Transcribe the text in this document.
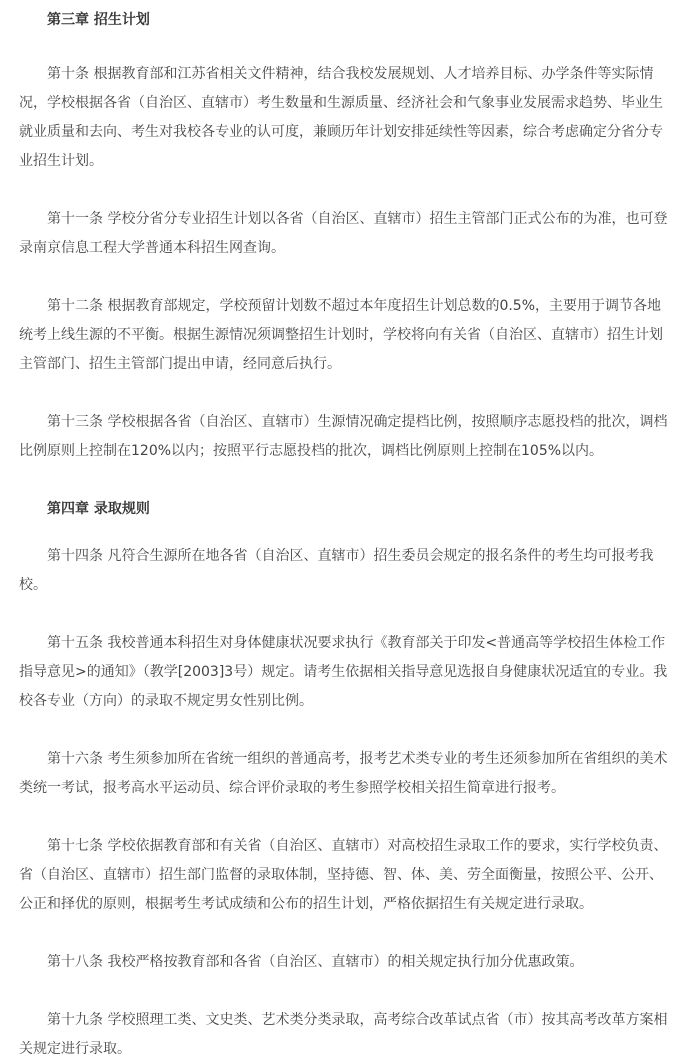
第三章 招生计划

第十条 根据教育部和江苏省相关文件精神，结合我校发展规划、人才培养目标、办学条件等实际情况，学校根据各省（自治区、直辖市）考生数量和生源质量、经济社会和气象事业发展需求趋势、毕业生就业质量和去向、考生对我校各专业的认可度，兼顾历年计划安排延续性等因素，综合考虑确定分省分专业招生计划。

第十一条 学校分省分专业招生计划以各省（自治区、直辖市）招生主管部门正式公布的为准，也可登录南京信息工程大学普通本科招生网查询。

第十二条 根据教育部规定，学校预留计划数不超过本年度招生计划总数的0.5%，主要用于调节各地统考上线生源的不平衡。根据生源情况须调整招生计划时，学校将向有关省（自治区、直辖市）招生计划主管部门、招生主管部门提出申请，经同意后执行。

第十三条 学校根据各省（自治区、直辖市）生源情况确定提档比例，按照顺序志愿投档的批次，调档比例原则上控制在120%以内；按照平行志愿投档的批次，调档比例原则上控制在105%以内。

第四章 录取规则

第十四条 凡符合生源所在地各省（自治区、直辖市）招生委员会规定的报名条件的考生均可报考我校。

第十五条 我校普通本科招生对身体健康状况要求执行《教育部关于印发<普通高等学校招生体检工作指导意见>的通知》（教学[2003]3号）规定。请考生依据相关指导意见选报自身健康状况适宜的专业。我校各专业（方向）的录取不规定男女性别比例。

第十六条 考生须参加所在省统一组织的普通高考，报考艺术类专业的考生还须参加所在省组织的美术类统一考试，报考高水平运动员、综合评价录取的考生参照学校相关招生简章进行报考。

第十七条 学校依据教育部和有关省（自治区、直辖市）对高校招生录取工作的要求，实行学校负责、省（自治区、直辖市）招生部门监督的录取体制，坚持德、智、体、美、劳全面衡量，按照公平、公开、公正和择优的原则，根据考生考试成绩和公布的招生计划，严格依据招生有关规定进行录取。

第十八条 我校严格按教育部和各省（自治区、直辖市）的相关规定执行加分优惠政策。

第十九条 学校照理工类、文史类、艺术类分类录取，高考综合改革试点省（市）按其高考改革方案相关规定进行录取。
